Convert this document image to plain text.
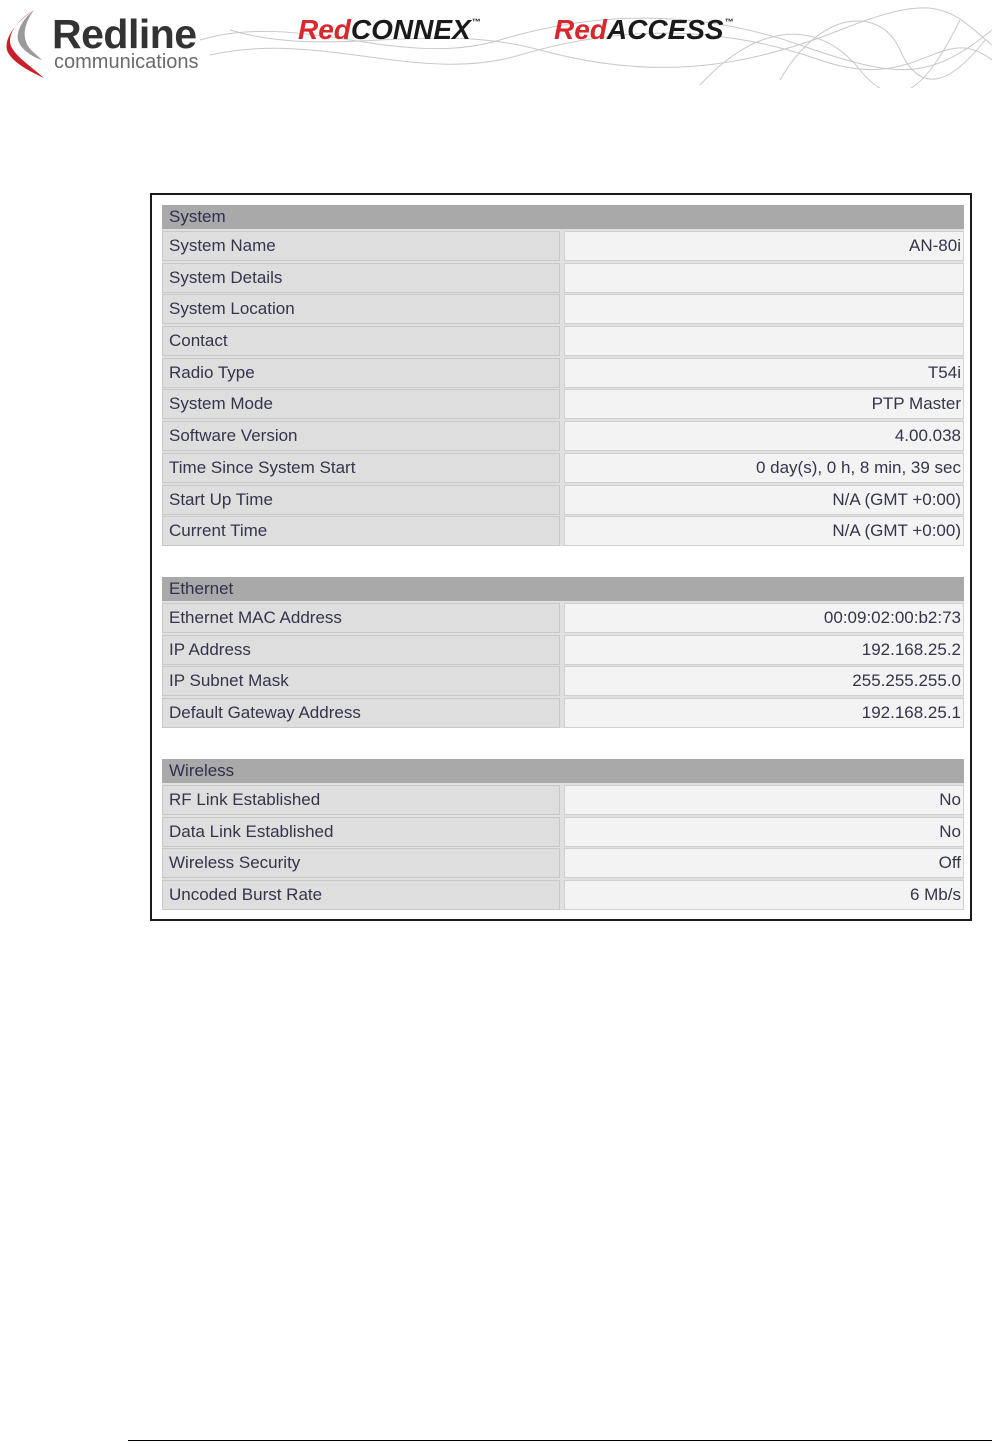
Redline
communications
RedCONNEX™	RedACCESS™
System
System Name	AN-80i
System Details
System Location
Contact
Radio Type	T54i
System Mode	PTP Master
Software Version	4.00.038
Time Since System Start	0 day(s), 0 h, 8 min, 39 sec
Start Up Time	N/A (GMT +0:00)
Current Time	N/A (GMT +0:00)
Ethernet
Ethernet MAC Address	00:09:02:00:b2:73
IP Address	192.168.25.2
IP Subnet Mask	255.255.255.0
Default Gateway Address	192.168.25.1
Wireless
RF Link Established	No
Data Link Established	No
Wireless Security	Off
Uncoded Burst Rate	6 Mb/s
